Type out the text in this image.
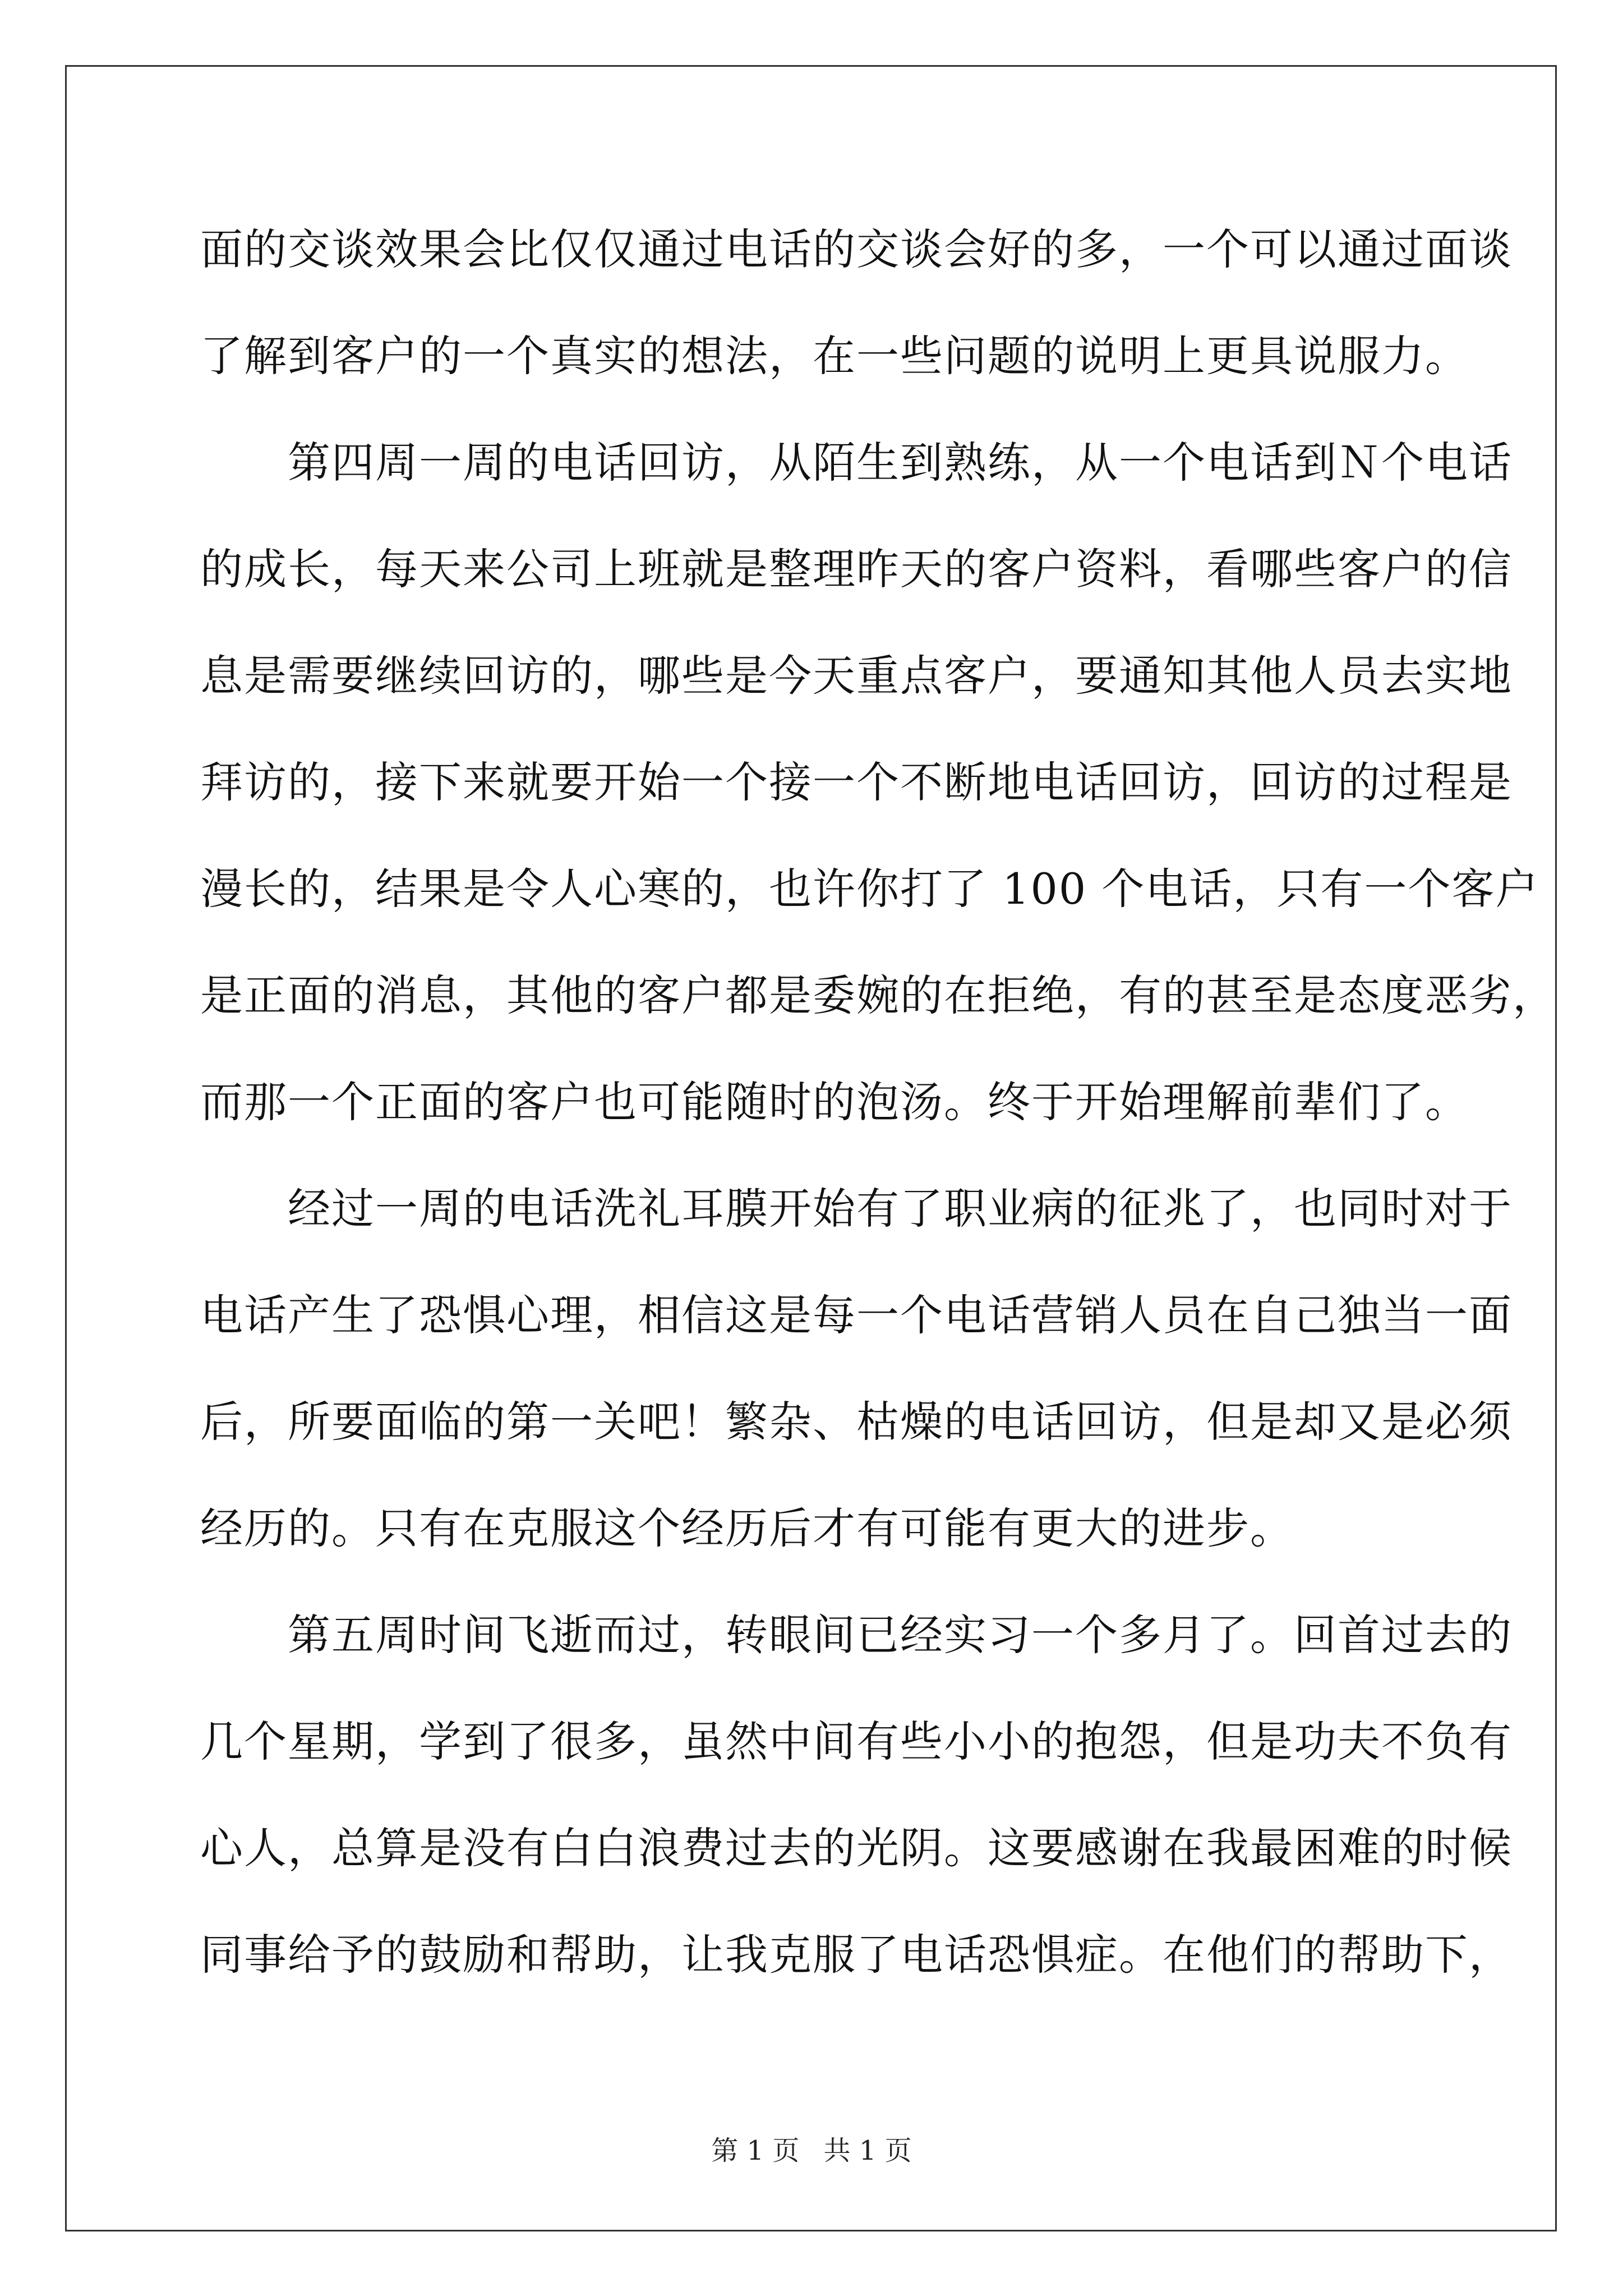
面的交谈效果会比仅仅通过电话的交谈会好的多，一个可以通过面谈
了解到客户的一个真实的想法，在一些问题的说明上更具说服力。
　　第四周一周的电话回访，从陌生到熟练，从一个电话到Ｎ个电话
的成长，每天来公司上班就是整理昨天的客户资料，看哪些客户的信
息是需要继续回访的，哪些是今天重点客户，要通知其他人员去实地
拜访的，接下来就要开始一个接一个不断地电话回访，回访的过程是
漫长的，结果是令人心寒的，也许你打了 100 个电话，只有一个客户
是正面的消息，其他的客户都是委婉的在拒绝，有的甚至是态度恶劣，
而那一个正面的客户也可能随时的泡汤。终于开始理解前辈们了。
　　经过一周的电话洗礼耳膜开始有了职业病的征兆了，也同时对于
电话产生了恐惧心理，相信这是每一个电话营销人员在自己独当一面
后，所要面临的第一关吧！繁杂、枯燥的电话回访，但是却又是必须
经历的。只有在克服这个经历后才有可能有更大的进步。
　　第五周时间飞逝而过，转眼间已经实习一个多月了。回首过去的
几个星期，学到了很多，虽然中间有些小小的抱怨，但是功夫不负有
心人，总算是没有白白浪费过去的光阴。这要感谢在我最困难的时候
同事给予的鼓励和帮助，让我克服了电话恐惧症。在他们的帮助下，
第 1 页 共 1 页
